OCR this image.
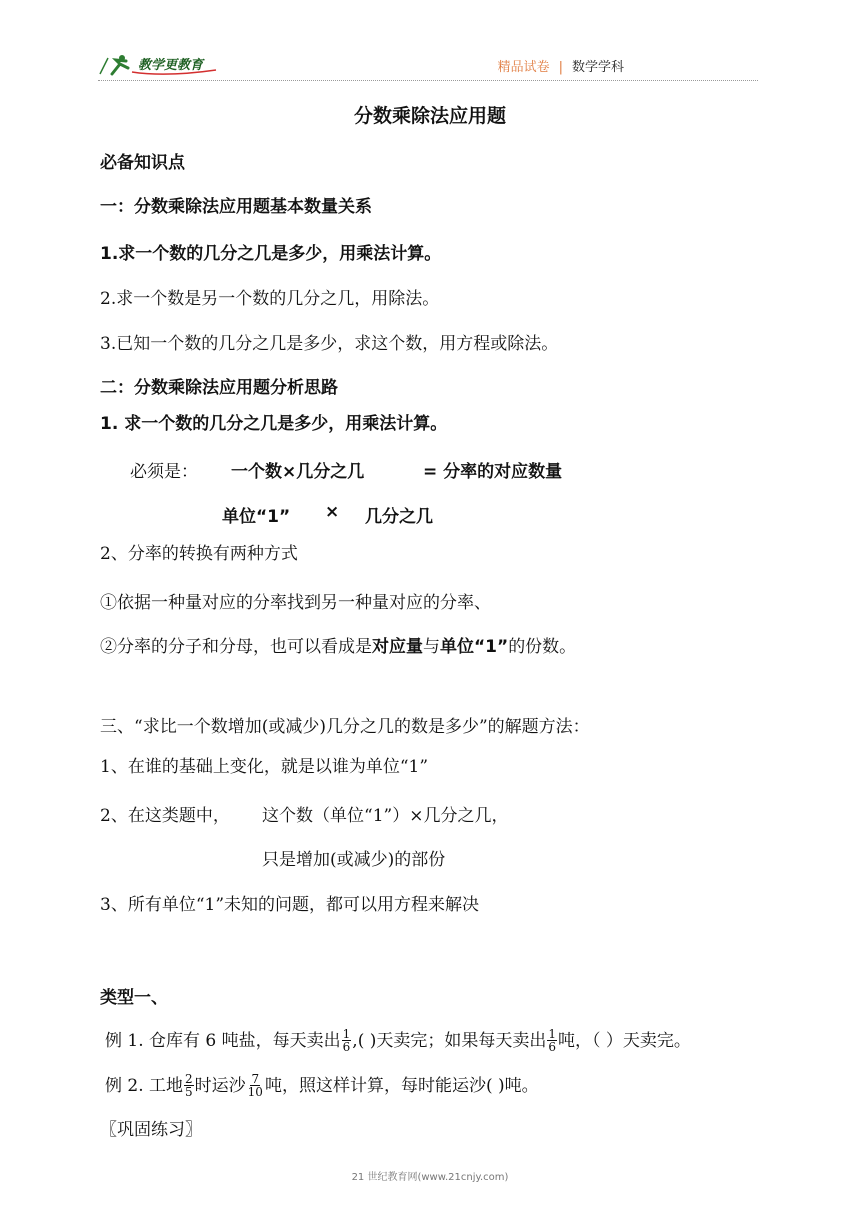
教学更教育	精品试卷 | 数学学科
分数乘除法应用题
必备知识点
一：分数乘除法应用题基本数量关系
1.求一个数的几分之几是多少，用乘法计算。
2.求一个数是另一个数的几分之几，用除法。
3.已知一个数的几分之几是多少，求这个数，用方程或除法。
二：分数乘除法应用题分析思路
1. 求一个数的几分之几是多少，用乘法计算。
必须是： 一个数×几分之几	= 分率的对应数量
单位“1” × 几分之几
2、分率的转换有两种方式
①依据一种量对应的分率找到另一种量对应的分率、
②分率的分子和分母，也可以看成是对应量与单位“1”的份数。
三、“求比一个数增加(或减少)几分之几的数是多少”的解题方法：
1、在谁的基础上变化，就是以谁为单位“1”
2、在这类题中， 这个数（单位“1”）×几分之几，
只是增加(或减少)的部份
3、所有单位“1”未知的问题，都可以用方程来解决
类型一、
例 1. 仓库有 6 吨盐，每天卖出 $\frac{1}{6}$ ,( )天卖完；如果每天卖出 $\frac{1}{6}$ 吨，（ ）天卖完。
例 2. 工地 $\frac{2}{5}$ 时运沙 $\frac{7}{10}$ 吨，照这样计算，每时能运沙( )吨。
〖巩固练习〗
21 世纪教育网(www.21cnjy.com)
